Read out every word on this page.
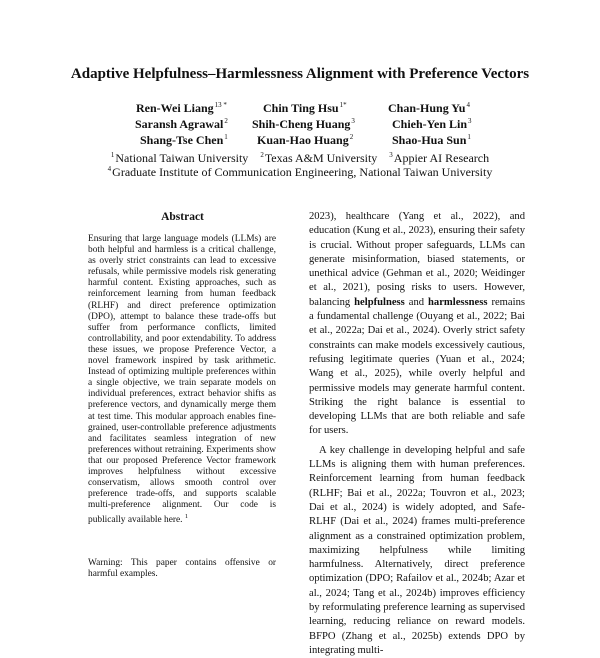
Adaptive Helpfulness–Harmlessness Alignment with Preference Vectors
Ren-Wei Liang$^{13 *}$	Chin Ting Hsu$^{1*}$	Chan-Hung Yu$^4$
Saransh Agrawal$^2$ Shih-Cheng Huang$^3$	Chieh-Yen Lin$^3$
Shang-Tse Chen$^1$ Kuan-Hao Huang$^2$	Shao-Hua Sun$^1$
$^1$National Taiwan University $^2$Texas A&M University $^3$Appier AI Research
$^4$Graduate Institute of Communication Engineering, National Taiwan University
Abstract
Ensuring that large language models (LLMs) are both helpful and harmless is a critical challenge, as overly strict constraints can lead to excessive refusals, while permissive models risk generating harmful content. Existing approaches, such as reinforcement learning from human feedback (RLHF) and direct preference optimization (DPO), attempt to balance these trade-offs but suffer from performance conflicts, limited controllability, and poor extendability. To address these issues, we propose Preference Vector, a novel framework inspired by task arithmetic. Instead of optimizing multiple preferences within a single objective, we train separate models on individual preferences, extract behavior shifts as preference vectors, and dynamically merge them at test time. This modular approach enables fine-grained, user-controllable preference adjustments and facilitates seamless integration of new preferences without retraining. Experiments show that our proposed Preference Vector framework improves helpfulness without excessive conservatism, allows smooth control over preference trade-offs, and supports scalable multi-preference alignment. Our code is publically available here. $^1$
Warning: This paper contains offensive or harmful examples.

2023), healthcare (Yang et al., 2022), and education (Kung et al., 2023), ensuring their safety is crucial. Without proper safeguards, LLMs can generate misinformation, biased statements, or unethical advice (Gehman et al., 2020; Weidinger et al., 2021), posing risks to users. However, balancing helpfulness and harmlessness remains a fundamental challenge (Ouyang et al., 2022; Bai et al., 2022a; Dai et al., 2024). Overly strict safety constraints can make models excessively cautious, refusing legitimate queries (Yuan et al., 2024; Wang et al., 2025), while overly helpful and permissive models may generate harmful content. Striking the right balance is essential to developing LLMs that are both reliable and safe for users.

A key challenge in developing helpful and safe LLMs is aligning them with human preferences. Reinforcement learning from human feedback (RLHF; Bai et al., 2022a; Touvron et al., 2023; Dai et al., 2024) is widely adopted, and Safe-RLHF (Dai et al., 2024) frames multi-preference alignment as a constrained optimization problem, maximizing helpfulness while limiting harmfulness. Alternatively, direct preference optimization (DPO; Rafailov et al., 2024b; Azar et al., 2024; Tang et al., 2024b) improves efficiency by reformulating preference learning as supervised learning, reducing reliance on reward models. BFPO (Zhang et al., 2025b) extends DPO by integrating multi-
